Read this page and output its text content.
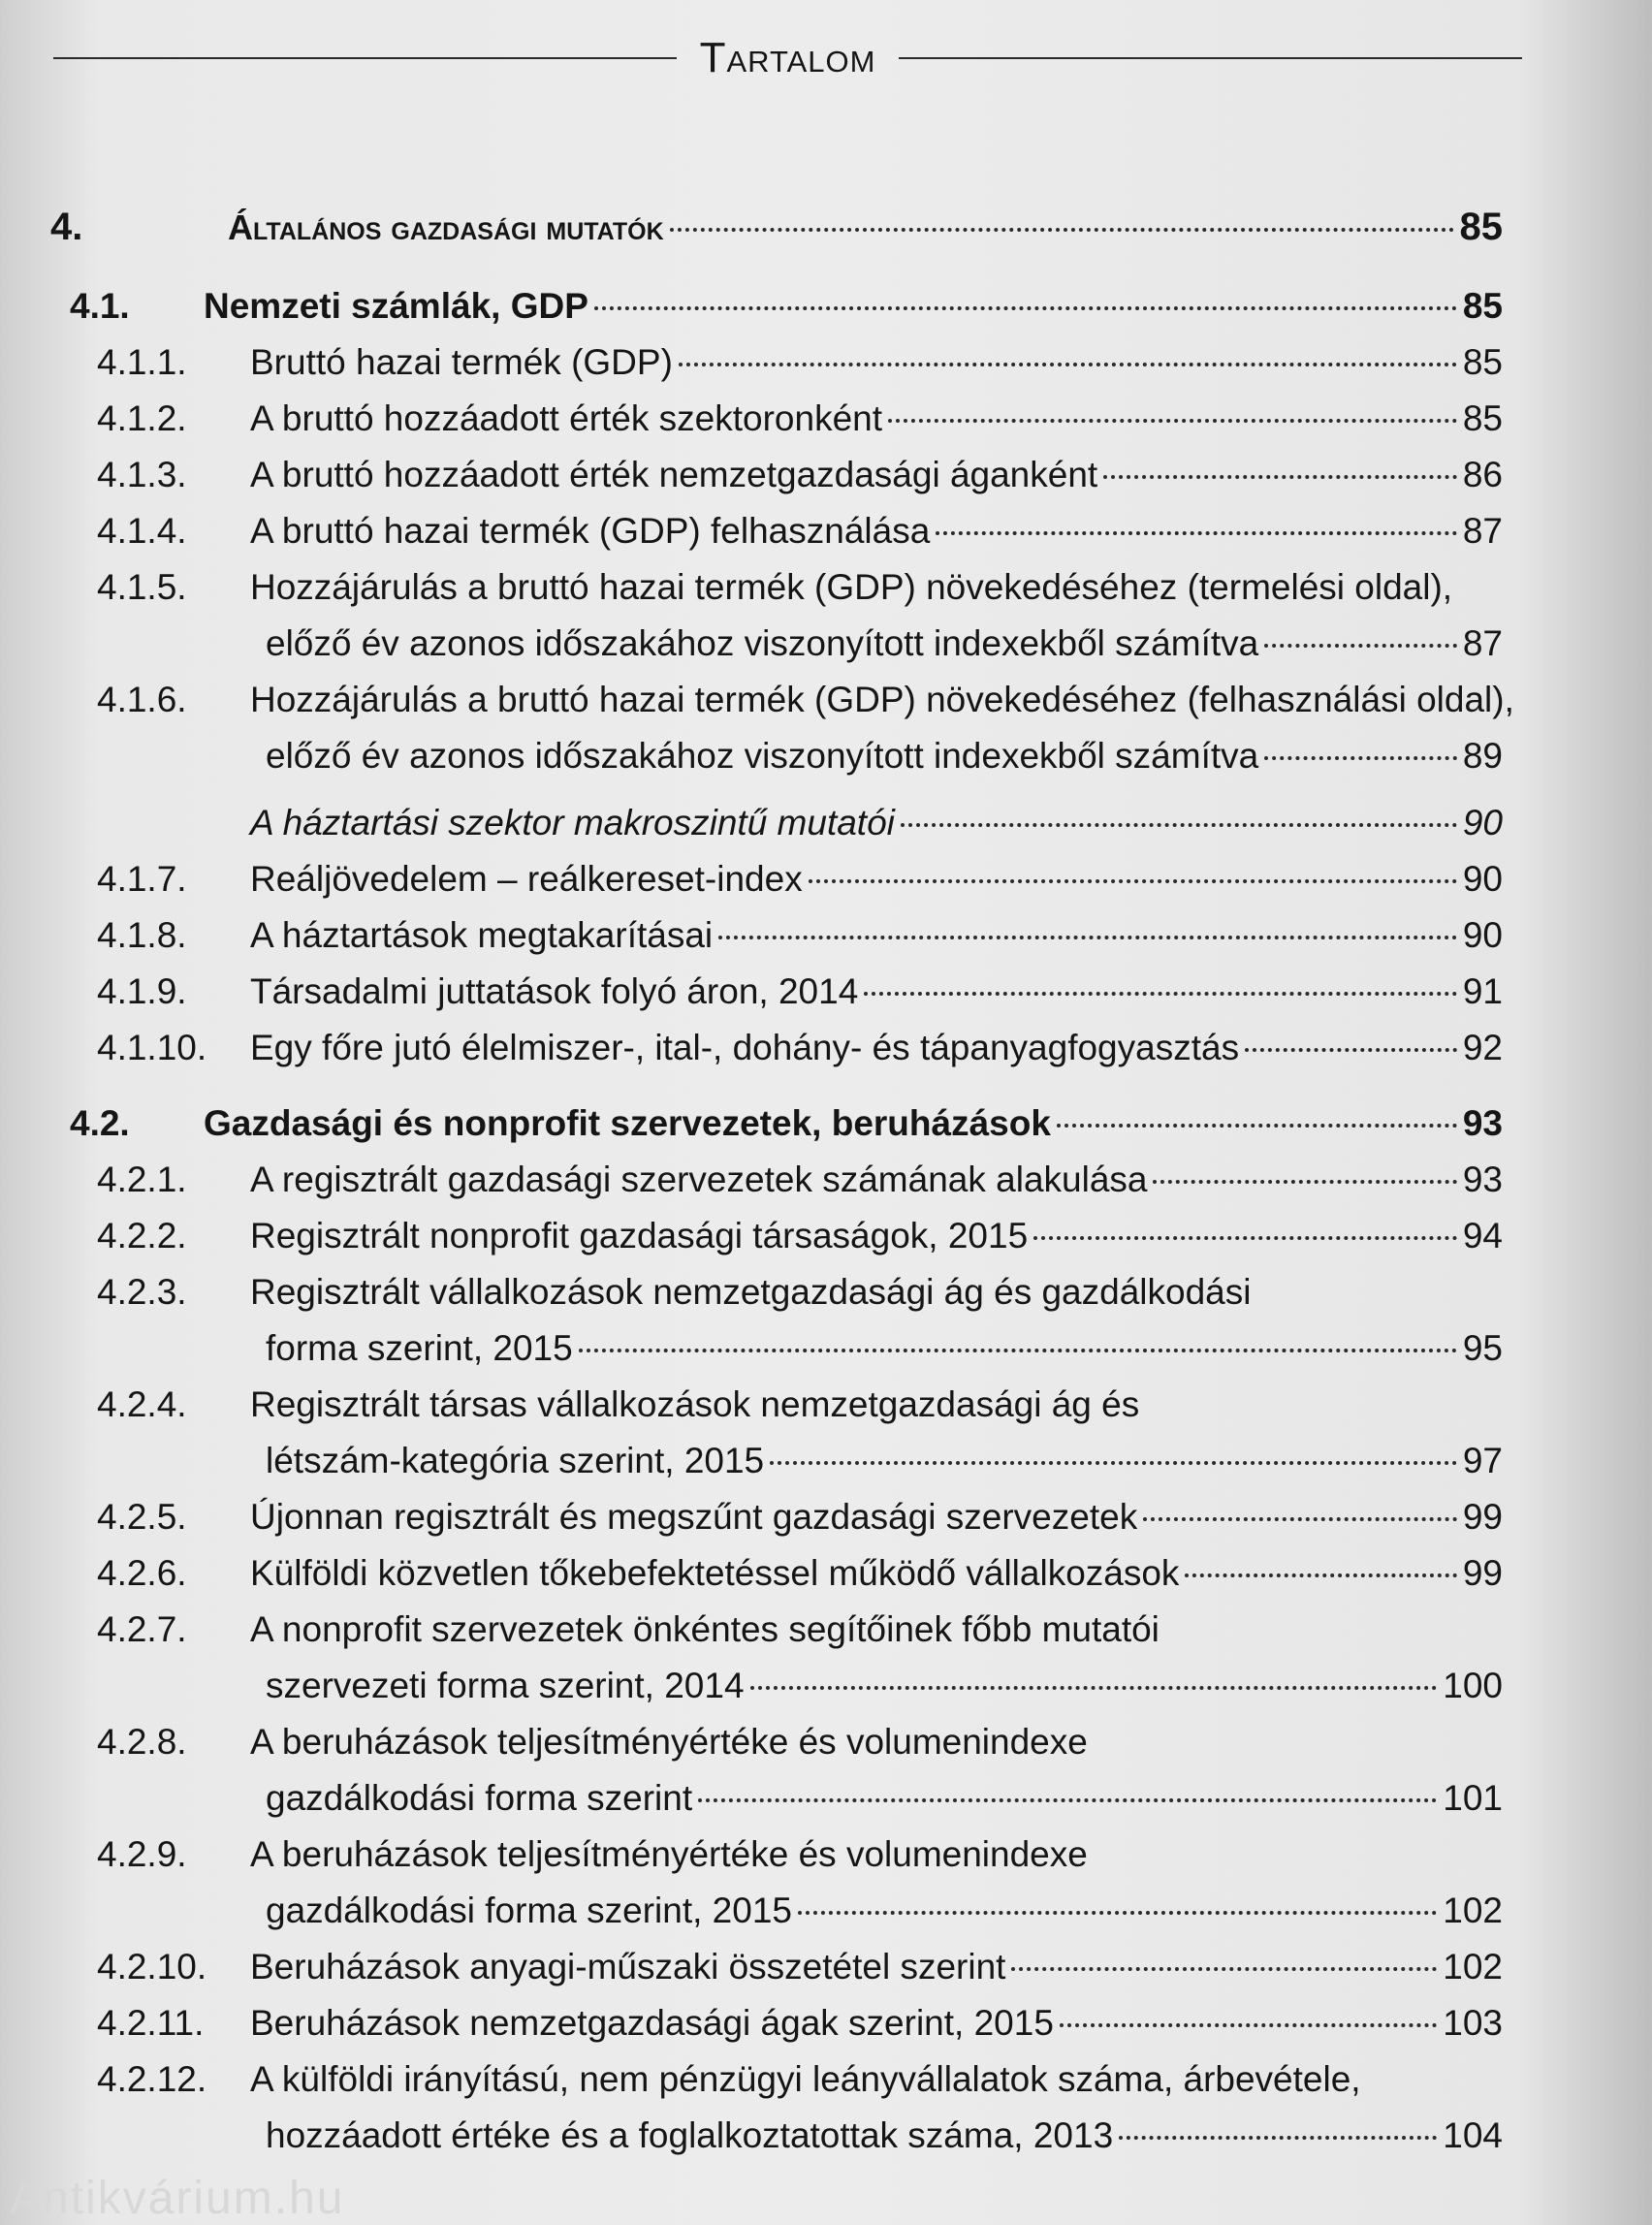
Tartalom
4.	Általános gazdasági mutatók	85
4.1. Nemzeti számlák, GDP	85
4.1.1. Bruttó hazai termék (GDP)	85
4.1.2. A bruttó hozzáadott érték szektoronként	85
4.1.3. A bruttó hozzáadott érték nemzetgazdasági áganként	86
4.1.4. A bruttó hazai termék (GDP) felhasználása	87
4.1.5. Hozzájárulás a bruttó hazai termék (GDP) növekedéséhez (termelési oldal),
előző év azonos időszakához viszonyított indexekből számítva	87
4.1.6. Hozzájárulás a bruttó hazai termék (GDP) növekedéséhez (felhasználási oldal),
előző év azonos időszakához viszonyított indexekből számítva	89
A háztartási szektor makroszintű mutatói	90
4.1.7. Reáljövedelem – reálkereset-index	90
4.1.8. A háztartások megtakarításai	90
4.1.9. Társadalmi juttatások folyó áron, 2014	91
4.1.10. Egy főre jutó élelmiszer-, ital-, dohány- és tápanyagfogyasztás	92
4.2. Gazdasági és nonprofit szervezetek, beruházások	93
4.2.1. A regisztrált gazdasági szervezetek számának alakulása	93
4.2.2. Regisztrált nonprofit gazdasági társaságok, 2015	94
4.2.3. Regisztrált vállalkozások nemzetgazdasági ág és gazdálkodási
forma szerint, 2015	95
4.2.4. Regisztrált társas vállalkozások nemzetgazdasági ág és
létszám-kategória szerint, 2015	97
4.2.5. Újonnan regisztrált és megszűnt gazdasági szervezetek	99
4.2.6. Külföldi közvetlen tőkebefektetéssel működő vállalkozások	99
4.2.7. A nonprofit szervezetek önkéntes segítőinek főbb mutatói
szervezeti forma szerint, 2014	100
4.2.8. A beruházások teljesítményértéke és volumenindexe
gazdálkodási forma szerint	101
4.2.9. A beruházások teljesítményértéke és volumenindexe
gazdálkodási forma szerint, 2015	102
4.2.10. Beruházások anyagi-műszaki összetétel szerint	102
4.2.11. Beruházások nemzetgazdasági ágak szerint, 2015	103
4.2.12. A külföldi irányítású, nem pénzügyi leányvállalatok száma, árbevétele,
hozzáadott értéke és a foglalkoztatottak száma, 2013	104
Antikvárium.hu
